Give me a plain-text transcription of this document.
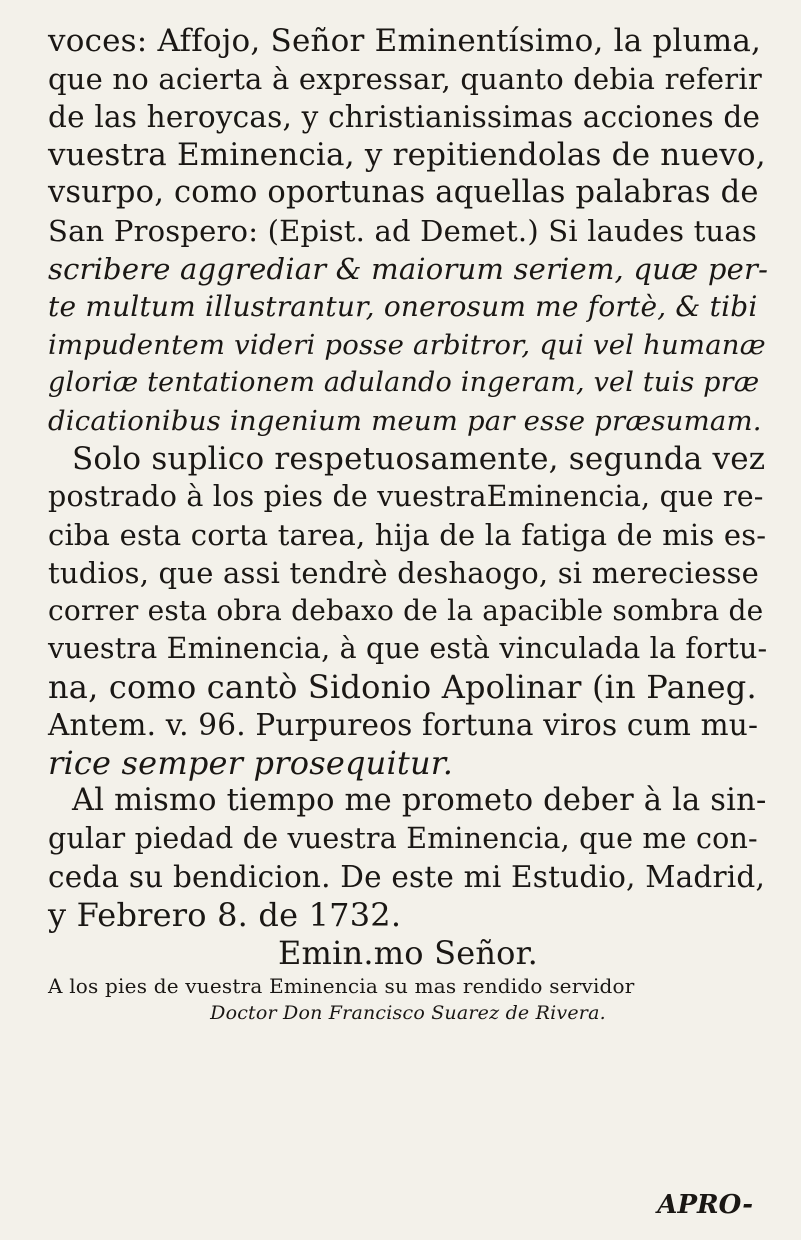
voces: Affojo, Señor Eminentísimo, la pluma,
que no acierta à expressar, quanto debia referir
de las heroycas, y christianissimas acciones de
vuestra Eminencia, y repitiendolas de nuevo,
vsurpo, como oportunas aquellas palabras de
San Prospero: (Epist. ad Demet.) Si laudes tuas
scribere aggrediar & maiorum seriem, quæ per-
te multum illustrantur, onerosum me fortè, & tibi
impudentem videri posse arbitror, qui vel humanæ
gloriæ tentationem adulando ingeram, vel tuis præ
dicationibus ingenium meum par esse præsumam.
Solo suplico respetuosamente, segunda vez
postrado à los pies de vuestraEminencia, que re-
ciba esta corta tarea, hija de la fatiga de mis es-
tudios, que assi tendrè deshaogo, si mereciesse
correr esta obra debaxo de la apacible sombra de
vuestra Eminencia, à que està vinculada la fortu-
na, como cantò Sidonio Apolinar (in Paneg.
Antem. v. 96. Purpureos fortuna viros cum mu-
rice semper prosequitur.
Al mismo tiempo me prometo deber à la sin-
gular piedad de vuestra Eminencia, que me con-
ceda su bendicion. De este mi Estudio, Madrid,
y Febrero 8. de 1732.
Emin.mo Señor.
A los pies de vuestra Eminencia su mas rendido servidor
Doctor Don Francisco Suarez de Rivera.
APRO-
